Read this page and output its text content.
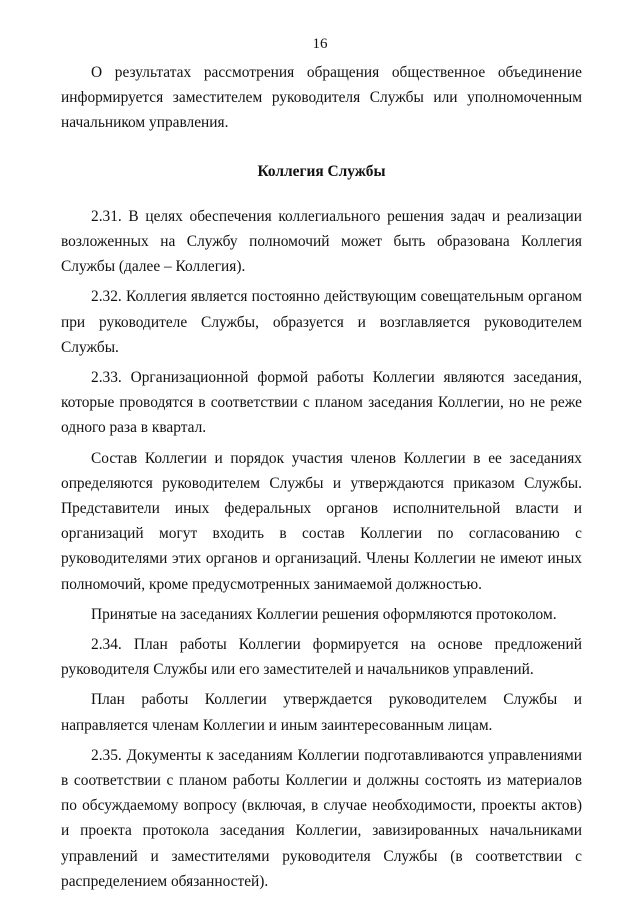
16

О результатах рассмотрения обращения общественное объединение информируется заместителем руководителя Службы или уполномоченным начальником управления.

Коллегия Службы

2.31. В целях обеспечения коллегиального решения задач и реализации возложенных на Службу полномочий может быть образована Коллегия Службы (далее – Коллегия).

2.32. Коллегия является постоянно действующим совещательным органом при руководителе Службы, образуется и возглавляется руководителем Службы.

2.33. Организационной формой работы Коллегии являются заседания, которые проводятся в соответствии с планом заседания Коллегии, но не реже одного раза в квартал.

Состав Коллегии и порядок участия членов Коллегии в ее заседаниях определяются руководителем Службы и утверждаются приказом Службы. Представители иных федеральных органов исполнительной власти и организаций могут входить в состав Коллегии по согласованию с руководителями этих органов и организаций. Члены Коллегии не имеют иных полномочий, кроме предусмотренных занимаемой должностью.

Принятые на заседаниях Коллегии решения оформляются протоколом.

2.34. План работы Коллегии формируется на основе предложений руководителя Службы или его заместителей и начальников управлений.

План работы Коллегии утверждается руководителем Службы и направляется членам Коллегии и иным заинтересованным лицам.

2.35. Документы к заседаниям Коллегии подготавливаются управлениями в соответствии с планом работы Коллегии и должны состоять из материалов по обсуждаемому вопросу (включая, в случае необходимости, проекты актов) и проекта протокола заседания Коллегии, завизированных начальниками управлений и заместителями руководителя Службы (в соответствии с распределением обязанностей).
